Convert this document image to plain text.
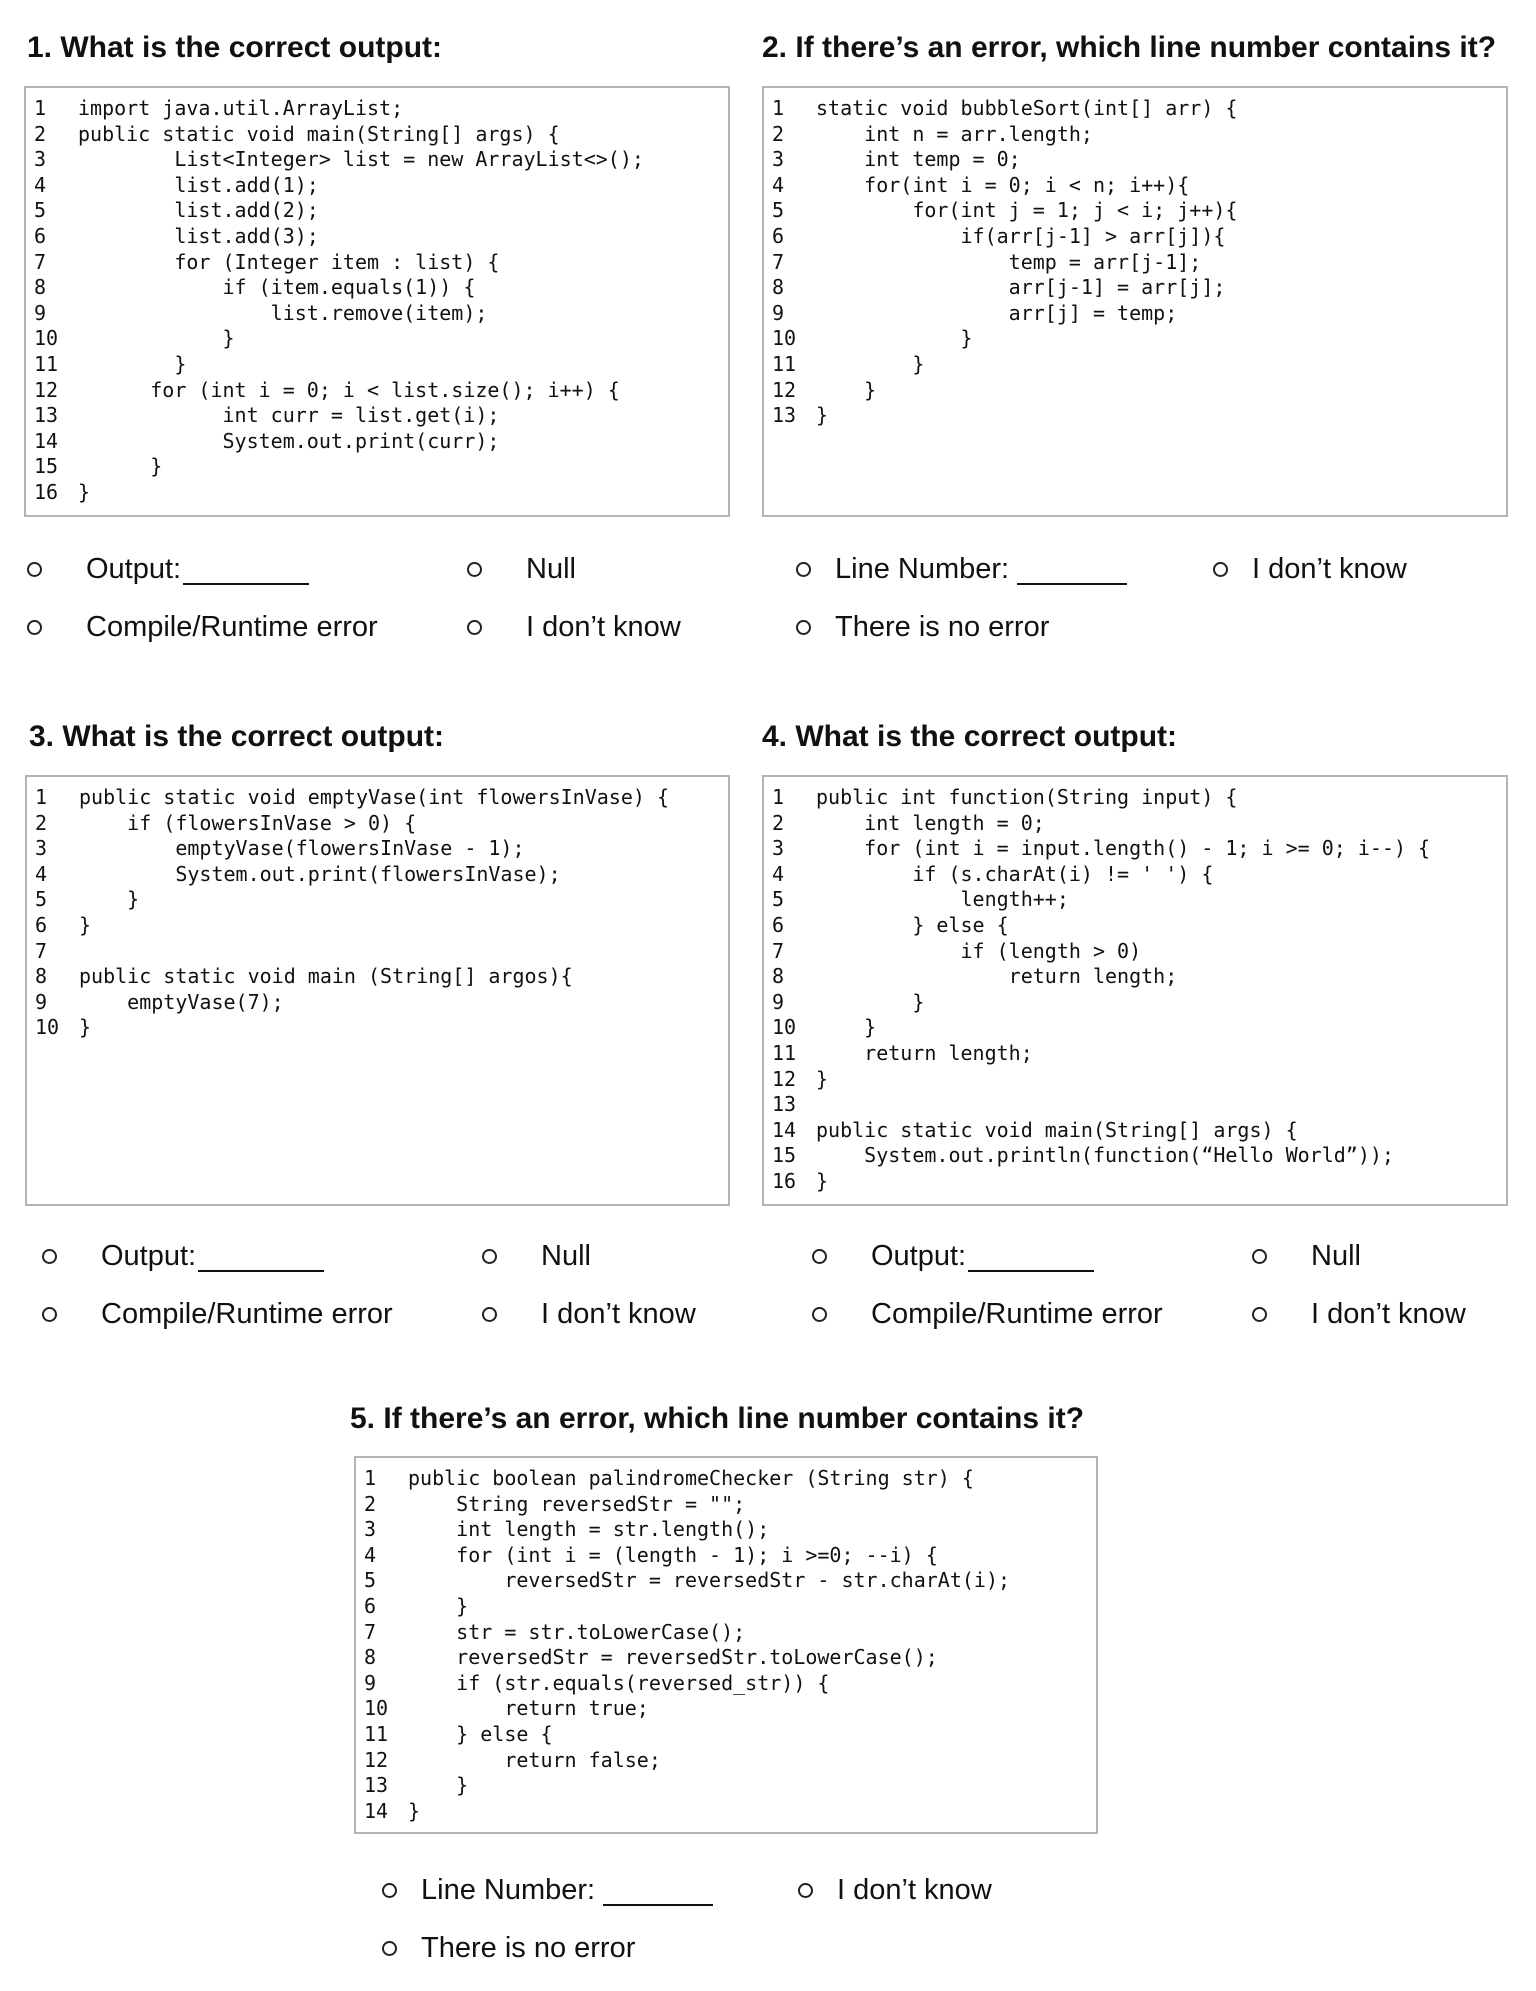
1. What is the correct output:
1	import java.util.ArrayList;
2	public static void main(String[] args) {
3	List<Integer> list = new ArrayList<>();
4	list.add(1);
5	list.add(2);
6	list.add(3);
7	for (Integer item : list) {
8	if (item.equals(1)) {
9	list.remove(item);
10 }
11 }
12 for (int i = 0; i < list.size(); i++) {
13 int curr = list.get(i);
14 System.out.print(curr);
15 }
16 }
Output:	Null
Compile/Runtime error	I don’t know
2. If there’s an error, which line number contains it?
1	static void bubbleSort(int[] arr) {
2	int n = arr.length;
3	int temp = 0;
4	for(int i = 0; i < n; i++){
5	for(int j = 1; j < i; j++){
6	if(arr[j-1] > arr[j]){
7	temp = arr[j-1];
8	arr[j-1] = arr[j];
9	arr[j] = temp;
10 }
11 }
12 }
13 }
Line Number:	I don’t know
There is no error
3. What is the correct output:
1	public static void emptyVase(int flowersInVase) {
2	if (flowersInVase > 0) {
3	emptyVase(flowersInVase - 1);
4	System.out.print(flowersInVase);
5	}
6	}
7
8	public static void main (String[] argos){
9	emptyVase(7);
10 }
Output:	Null
Compile/Runtime error	I don’t know
4. What is the correct output:
1	public int function(String input) {
2	int length = 0;
3	for (int i = input.length() - 1; i >= 0; i--) {
4	if (s.charAt(i) != ' ') {
5	length++;
6	} else {
7	if (length > 0)
8	return length;
9	}
10 }
11 return length;
12 }
13
14 public static void main(String[] args) {
15 System.out.println(function(“Hello World”));
16 }
Output:	Null
Compile/Runtime error	I don’t know
5. If there’s an error, which line number contains it?
1	public boolean palindromeChecker (String str) {
2	String reversedStr = "";
3	int length = str.length();
4	for (int i = (length - 1); i >=0; --i) {
5	reversedStr = reversedStr - str.charAt(i);
6	}
7	str = str.toLowerCase();
8	reversedStr = reversedStr.toLowerCase();
9	if (str.equals(reversed_str)) {
10 return true;
11 } else {
12 return false;
13 }
14 }
Line Number:	I don’t know
There is no error
